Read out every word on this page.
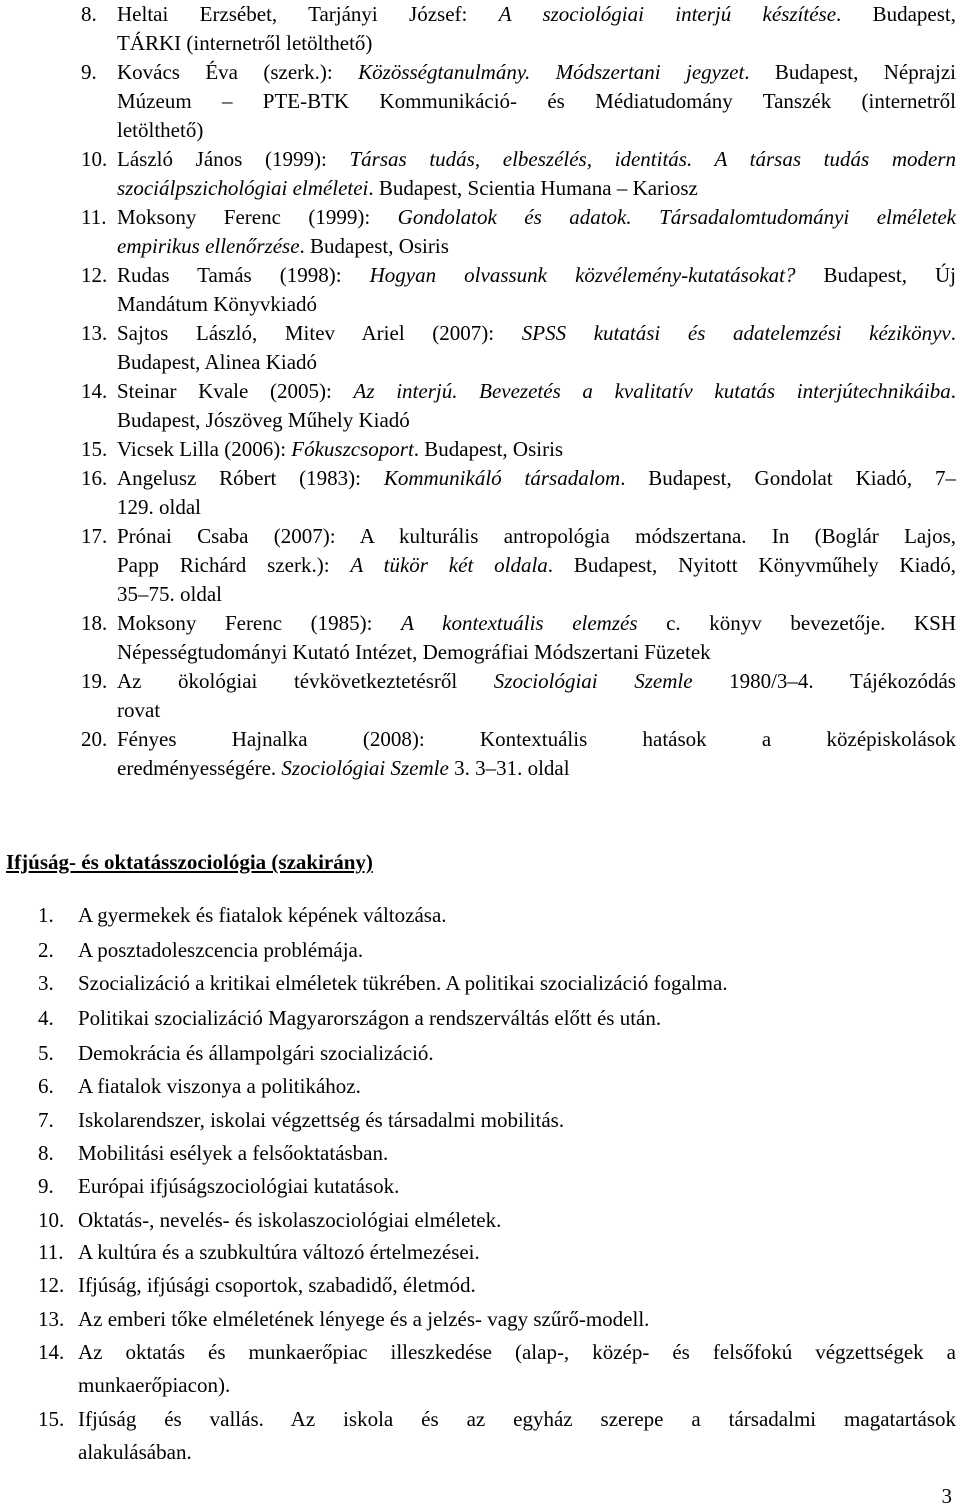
8. Heltai Erzsébet, Tarjányi József: A szociológiai interjú készítése. Budapest,
TÁRKI (internetről letölthető)
9. Kovács Éva (szerk.): Közösségtanulmány. Módszertani jegyzet. Budapest, Néprajzi
Múzeum – PTE-BTK Kommunikáció- és Médiatudomány Tanszék (internetről
letölthető)
10. László János (1999): Társas tudás, elbeszélés, identitás. A társas tudás modern
szociálpszichológiai elméletei. Budapest, Scientia Humana – Kariosz
11. Moksony Ferenc (1999): Gondolatok és adatok. Társadalomtudományi elméletek
empirikus ellenőrzése. Budapest, Osiris
12. Rudas Tamás (1998): Hogyan olvassunk közvélemény-kutatásokat? Budapest, Új
Mandátum Könyvkiadó
13. Sajtos László, Mitev Ariel (2007): SPSS kutatási és adatelemzési kézikönyv.
Budapest, Alinea Kiadó
14. Steinar Kvale (2005): Az interjú. Bevezetés a kvalitatív kutatás interjútechnikáiba.
Budapest, Jószöveg Műhely Kiadó
15. Vicsek Lilla (2006): Fókuszcsoport. Budapest, Osiris
16. Angelusz Róbert (1983): Kommunikáló társadalom. Budapest, Gondolat Kiadó, 7–
129. oldal
17. Prónai Csaba (2007): A kulturális antropológia módszertana. In (Boglár Lajos,
Papp Richárd szerk.): A tükör két oldala. Budapest, Nyitott Könyvműhely Kiadó,
35–75. oldal
18. Moksony Ferenc (1985): A kontextuális elemzés c. könyv bevezetője. KSH
Népességtudományi Kutató Intézet, Demográfiai Módszertani Füzetek
19. Az ökológiai tévkövetkeztetésről Szociológiai Szemle 1980/3–4. Tájékozódás
rovat
20. Fényes Hajnalka (2008): Kontextuális hatások a középiskolások
eredményességére. Szociológiai Szemle 3. 3–31. oldal
Ifjúság- és oktatásszociológia (szakirány)
1. A gyermekek és fiatalok képének változása.
2. A posztadoleszcencia problémája.
3. Szocializáció a kritikai elméletek tükrében. A politikai szocializáció fogalma.
4. Politikai szocializáció Magyarországon a rendszerváltás előtt és után.
5. Demokrácia és állampolgári szocializáció.
6. A fiatalok viszonya a politikához.
7. Iskolarendszer, iskolai végzettség és társadalmi mobilitás.
8. Mobilitási esélyek a felsőoktatásban.
9. Európai ifjúságszociológiai kutatások.
10. Oktatás-, nevelés- és iskolaszociológiai elméletek.
11. A kultúra és a szubkultúra változó értelmezései.
12. Ifjúság, ifjúsági csoportok, szabadidő, életmód.
13. Az emberi tőke elméletének lényege és a jelzés- vagy szűrő-modell.
14. Az oktatás és munkaerőpiac illeszkedése (alap-, közép- és felsőfokú végzettségek a
munkaerőpiacon).
15. Ifjúság és vallás. Az iskola és az egyház szerepe a társadalmi magatartások
alakulásában.
3
